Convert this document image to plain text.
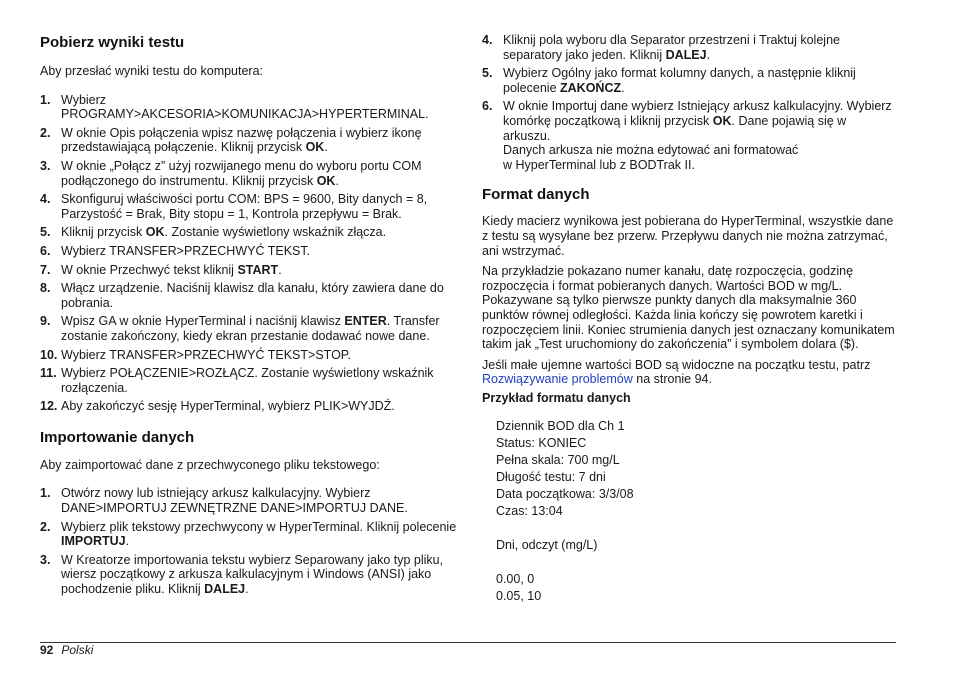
Pobierz wyniki testu

Aby przesłać wyniki testu do komputera:

1. Wybierz
PROGRAMY>AKCESORIA>KOMUNIKACJA>HYPERTERMINAL.
2. W oknie Opis połączenia wpisz nazwę połączenia i wybierz ikonę przedstawiającą połączenie. Kliknij przycisk OK.
3. W oknie „Połącz z” użyj rozwijanego menu do wyboru portu COM podłączonego do instrumentu. Kliknij przycisk OK.
4. Skonfiguruj właściwości portu COM: BPS = 9600, Bity danych = 8, Parzystość = Brak, Bity stopu = 1, Kontrola przepływu = Brak.
5. Kliknij przycisk OK. Zostanie wyświetlony wskaźnik złącza.
6. Wybierz TRANSFER>PRZECHWYĆ TEKST.
7. W oknie Przechwyć tekst kliknij START.
8. Włącz urządzenie. Naciśnij klawisz dla kanału, który zawiera dane do pobrania.
9. Wpisz GA w oknie HyperTerminal i naciśnij klawisz ENTER. Transfer zostanie zakończony, kiedy ekran przestanie dodawać nowe dane.
10. Wybierz TRANSFER>PRZECHWYĆ TEKST>STOP.
11. Wybierz POŁĄCZENIE>ROZŁĄCZ. Zostanie wyświetlony wskaźnik rozłączenia.
12. Aby zakończyć sesję HyperTerminal, wybierz PLIK>WYJDŹ.
Importowanie danych

Aby zaimportować dane z przechwyconego pliku tekstowego:

1. Otwórz nowy lub istniejący arkusz kalkulacyjny. Wybierz DANE>IMPORTUJ ZEWNĘTRZNE DANE>IMPORTUJ DANE.
2. Wybierz plik tekstowy przechwycony w HyperTerminal. Kliknij polecenie IMPORTUJ.
3. W Kreatorze importowania tekstu wybierz Separowany jako typ pliku, wiersz początkowy z arkusza kalkulacyjnym i Windows (ANSI) jako pochodzenie pliku. Kliknij DALEJ.
4. Kliknij pola wyboru dla Separator przestrzeni i Traktuj kolejne separatory jako jeden. Kliknij DALEJ.
5. Wybierz Ogólny jako format kolumny danych, a następnie kliknij polecenie ZAKOŃCZ.
6. W oknie Importuj dane wybierz Istniejący arkusz kalkulacyjny. Wybierz komórkę początkową i kliknij przycisk OK. Dane pojawią się w arkuszu.
Danych arkusza nie można edytować ani formatować
w HyperTerminal lub z BODTrak II.
Format danych

Kiedy macierz wynikowa jest pobierana do HyperTerminal, wszystkie dane z testu są wysyłane bez przerw. Przepływu danych nie można zatrzymać, ani wstrzymać.

Na przykładzie pokazano numer kanału, datę rozpoczęcia, godzinę rozpoczęcia i format pobieranych danych. Wartości BOD w mg/L. Pokazywane są tylko pierwsze punkty danych dla maksymalnie 360 punktów równej odległości. Każda linia kończy się powrotem karetki i rozpoczęciem linii. Koniec strumienia danych jest oznaczany komunikatem takim jak „Test uruchomiony do zakończenia” i symbolem dolara ($).

Jeśli małe ujemne wartości BOD są widoczne na początku testu, patrz Rozwiązywanie problemów na stronie 94.

Przykład formatu danych
Dziennik BOD dla Ch 1
Status: KONIEC
Pełna skala: 700 mg/L
Długość testu: 7 dni
Data początkowa: 3/3/08
Czas: 13:04
Dni, odczyt (mg/L)
0.00, 0
0.05, 10
92 Polski
